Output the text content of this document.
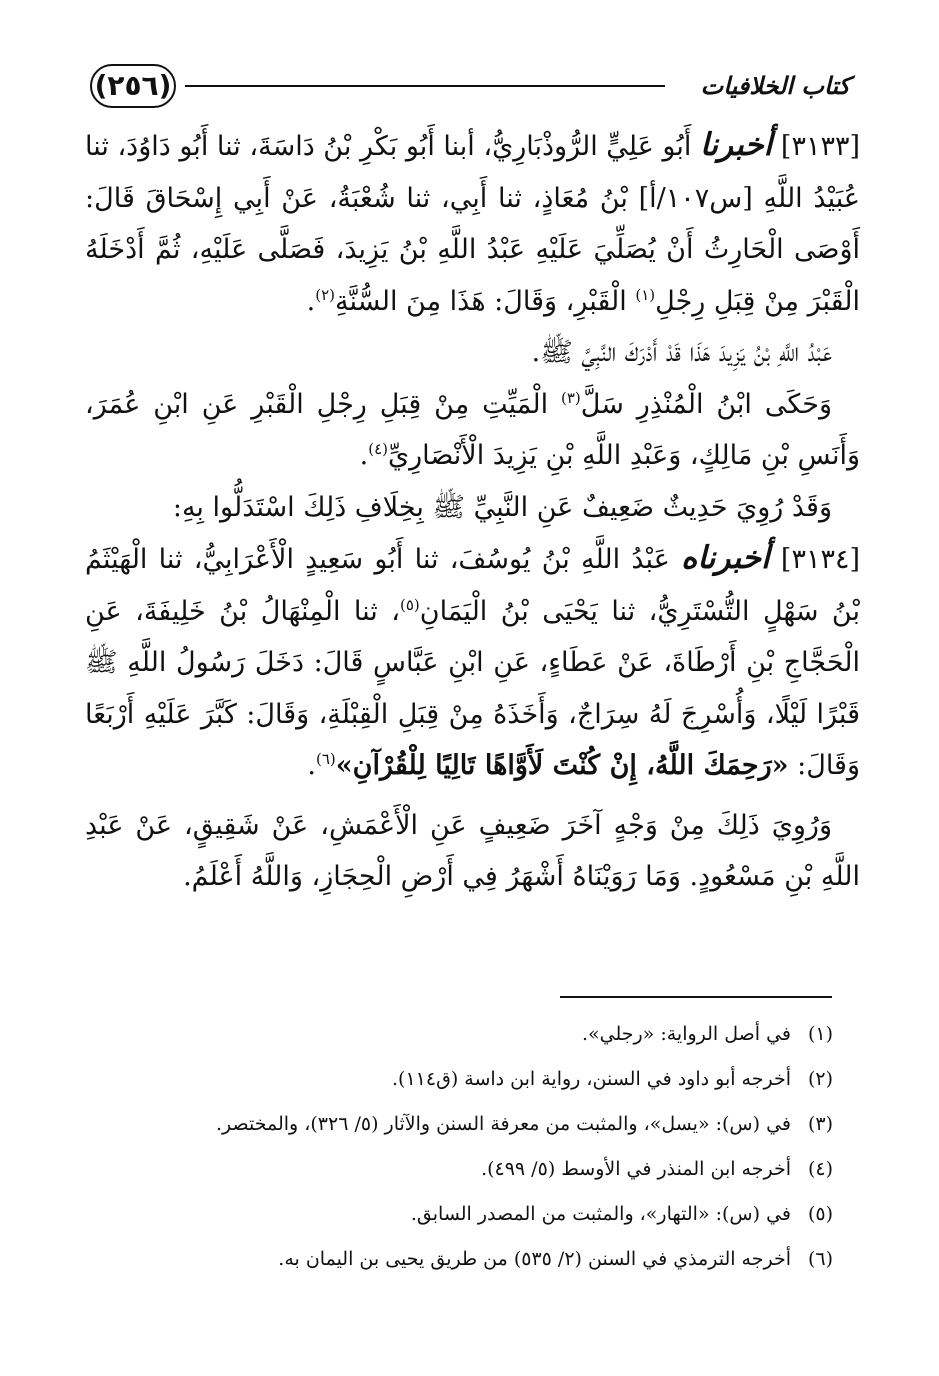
(٢٥٦)	كتاب الخلافيات

[٣١٣٣] أخبرنا أَبُو عَلِيٍّ الرُّوذْبَارِيُّ، أبنا أَبُو بَكْرِ بْنُ دَاسَةَ، ثنا أَبُو دَاوُدَ، ثنا عُبَيْدُ اللَّهِ [س١٠٧/أ] بْنُ مُعَاذٍ، ثنا أَبِي، ثنا شُعْبَةُ، عَنْ أَبِي إِسْحَاقَ قَالَ: أَوْصَى الْحَارِثُ أَنْ يُصَلِّيَ عَلَيْهِ عَبْدُ اللَّهِ بْنُ يَزِيدَ، فَصَلَّى عَلَيْهِ، ثُمَّ أَدْخَلَهُ الْقَبْرَ مِنْ قِبَلِ رِجْلِ$^{(١)}$ الْقَبْرِ، وَقَالَ: هَذَا مِنَ السُّنَّةِ$^{(٢)}$.

عَبْدُ اللَّهِ بْنُ يَزِيدَ هَذَا قَدْ أَدْرَكَ النَّبِيَّ ﷺ.

وَحَكَى ابْنُ الْمُنْذِرِ سَلَّ$^{(٣)}$ الْمَيِّتِ مِنْ قِبَلِ رِجْلِ الْقَبْرِ عَنِ ابْنِ عُمَرَ، وَأَنَسِ بْنِ مَالِكٍ، وَعَبْدِ اللَّهِ بْنِ يَزِيدَ الْأَنْصَارِيِّ$^{(٤)}$.

وَقَدْ رُوِيَ حَدِيثٌ ضَعِيفٌ عَنِ النَّبِيِّ ﷺ بِخِلَافِ ذَلِكَ اسْتَدَلُّوا بِهِ:

[٣١٣٤] أخبرناه عَبْدُ اللَّهِ بْنُ يُوسُفَ، ثنا أَبُو سَعِيدٍ الْأَعْرَابِيُّ، ثنا الْهَيْثَمُ بْنُ سَهْلٍ التُّسْتَرِيُّ، ثنا يَحْيَى بْنُ الْيَمَانِ$^{(٥)}$، ثنا الْمِنْهَالُ بْنُ خَلِيفَةَ، عَنِ الْحَجَّاجِ بْنِ أَرْطَاةَ، عَنْ عَطَاءٍ، عَنِ ابْنِ عَبَّاسٍ قَالَ: دَخَلَ رَسُولُ اللَّهِ ﷺ قَبْرًا لَيْلًا، وَأُسْرِجَ لَهُ سِرَاجٌ، وَأَخَذَهُ مِنْ قِبَلِ الْقِبْلَةِ، وَقَالَ: كَبَّرَ عَلَيْهِ أَرْبَعًا وَقَالَ: «رَحِمَكَ اللَّهُ، إِنْ كُنْتَ لَأَوَّاهًا تَالِيًا لِلْقُرْآنِ»$^{(٦)}$.

وَرُوِيَ ذَلِكَ مِنْ وَجْهٍ آخَرَ ضَعِيفٍ عَنِ الْأَعْمَشِ، عَنْ شَقِيقٍ، عَنْ عَبْدِ اللَّهِ بْنِ مَسْعُودٍ. وَمَا رَوَيْنَاهُ أَشْهَرُ فِي أَرْضِ الْحِجَازِ، وَاللَّهُ أَعْلَمُ.

(١)
في أصل الرواية: «رجلي».
(٢)
أخرجه أبو داود في السنن، رواية ابن داسة (ق١١٤).
(٣)
في (س): «يسل»، والمثبت من معرفة السنن والآثار (٥/ ٣٢٦)، والمختصر.
(٤)
أخرجه ابن المنذر في الأوسط (٥/ ٤٩٩).
(٥)
في (س): «التهار»، والمثبت من المصدر السابق.
(٦)
أخرجه الترمذي في السنن (٢/ ٥٣٥) من طريق يحيى بن اليمان به.
